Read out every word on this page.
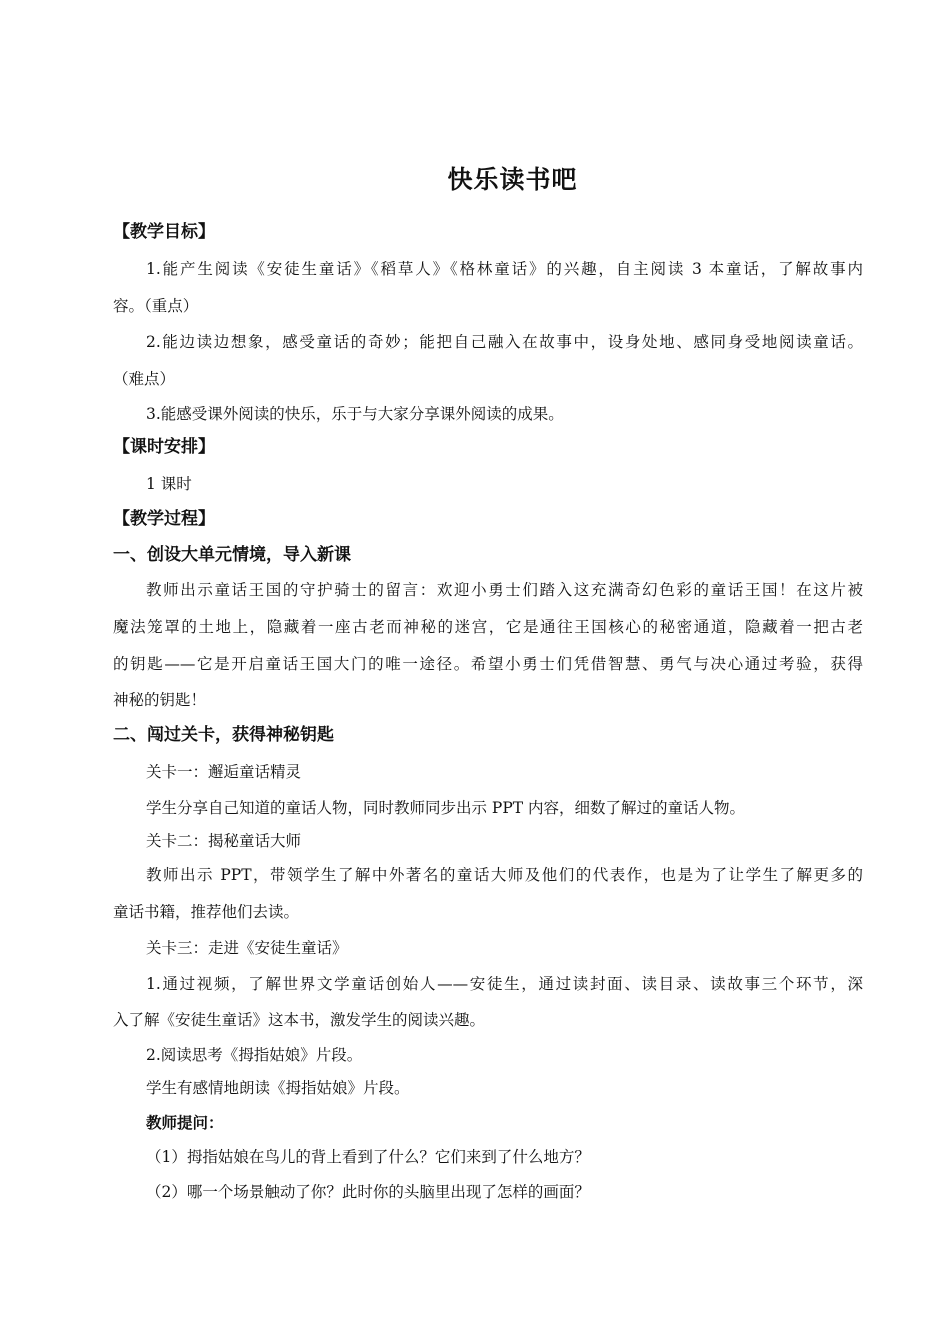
快乐读书吧
【教学目标】
1.能产生阅读《安徒生童话》《稻草人》《格林童话》的兴趣，自主阅读 3 本童话，了解故事内
容。（重点）
2.能边读边想象，感受童话的奇妙；能把自己融入在故事中，设身处地、感同身受地阅读童话。
（难点）
3.能感受课外阅读的快乐，乐于与大家分享课外阅读的成果。
【课时安排】
1 课时
【教学过程】
一、创设大单元情境，导入新课
教师出示童话王国的守护骑士的留言：欢迎小勇士们踏入这充满奇幻色彩的童话王国！在这片被
魔法笼罩的土地上，隐藏着一座古老而神秘的迷宫，它是通往王国核心的秘密通道，隐藏着一把古老
的钥匙——它是开启童话王国大门的唯一途径。希望小勇士们凭借智慧、勇气与决心通过考验，获得
神秘的钥匙！
二、闯过关卡，获得神秘钥匙
关卡一：邂逅童话精灵
学生分享自己知道的童话人物，同时教师同步出示 PPT 内容，细数了解过的童话人物。
关卡二：揭秘童话大师
教师出示 PPT，带领学生了解中外著名的童话大师及他们的代表作，也是为了让学生了解更多的
童话书籍，推荐他们去读。
关卡三：走进《安徒生童话》
1.通过视频，了解世界文学童话创始人——安徒生，通过读封面、读目录、读故事三个环节，深
入了解《安徒生童话》这本书，激发学生的阅读兴趣。
2.阅读思考《拇指姑娘》片段。
学生有感情地朗读《拇指姑娘》片段。
教师提问：
（1）拇指姑娘在鸟儿的背上看到了什么？它们来到了什么地方？
（2）哪一个场景触动了你？此时你的头脑里出现了怎样的画面？
